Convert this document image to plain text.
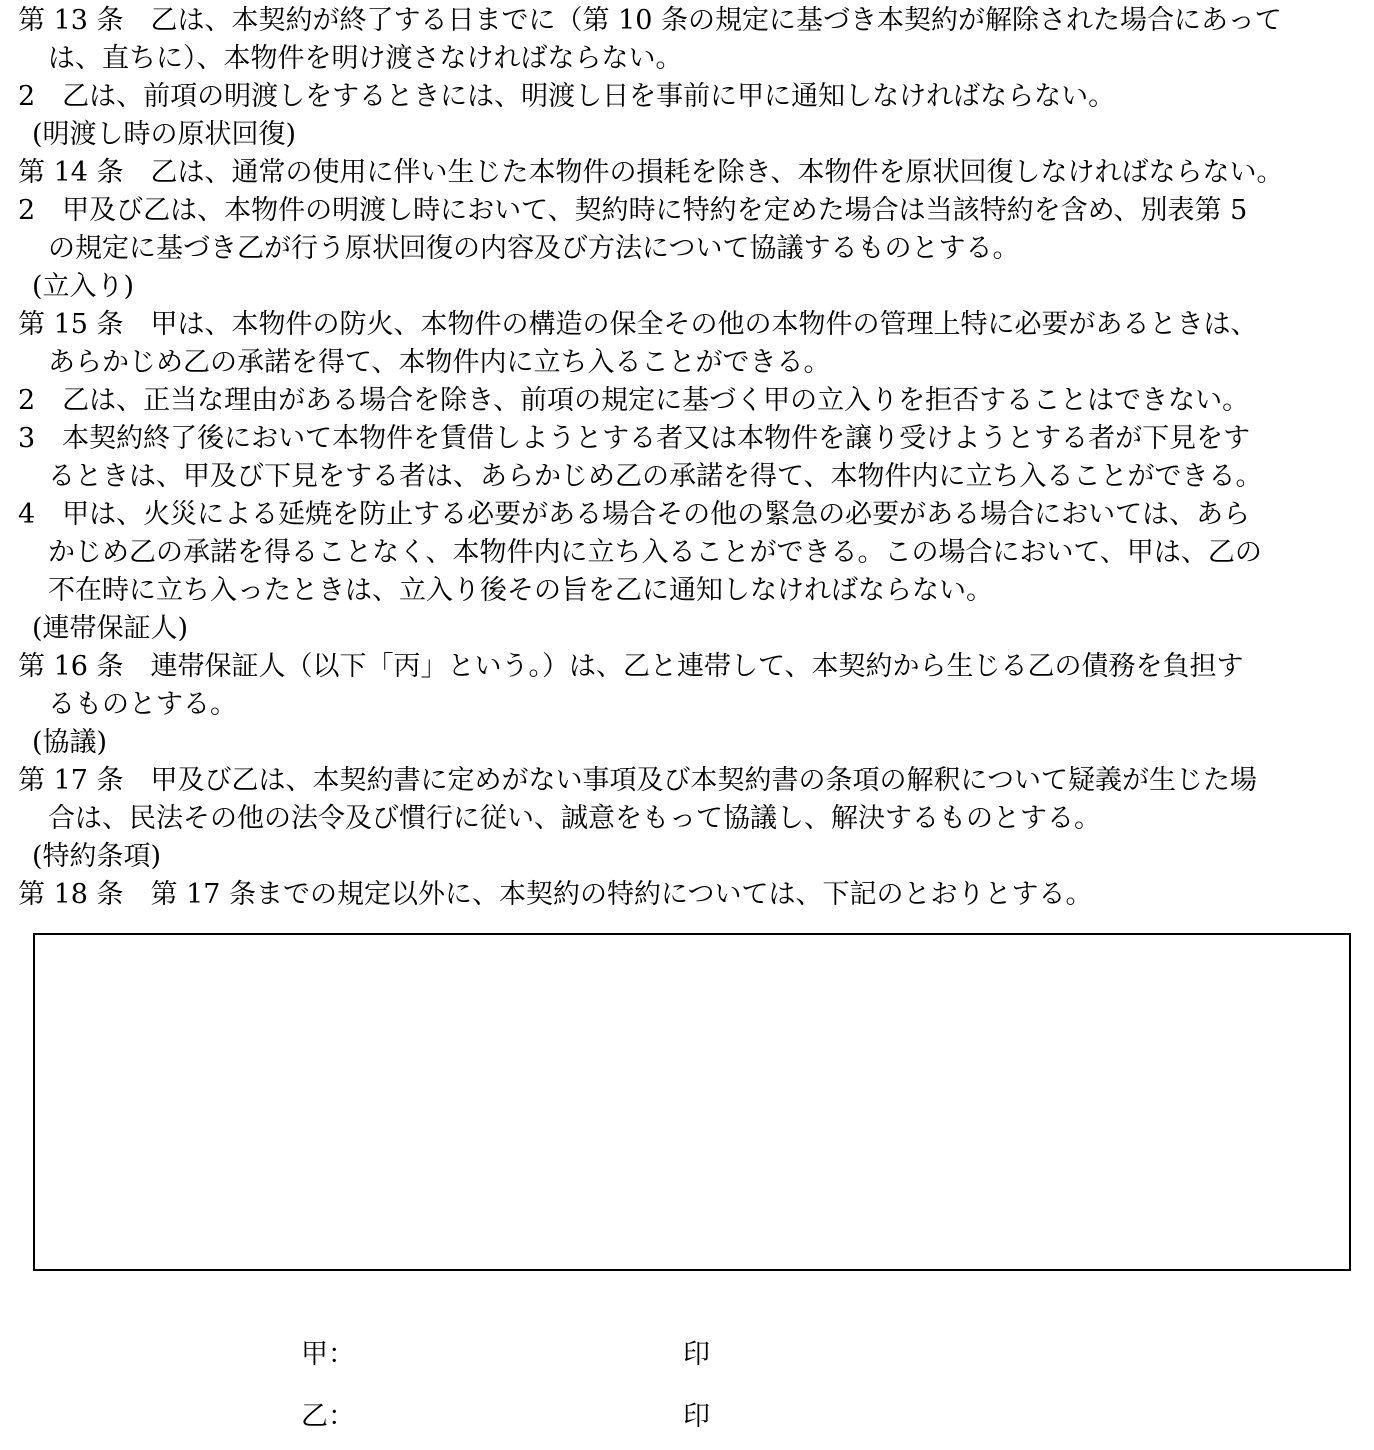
第 13 条　乙は、本契約が終了する日までに（第 10 条の規定に基づき本契約が解除された場合にあって
は、直ちに）、本物件を明け渡さなければならない。
2　乙は、前項の明渡しをするときには、明渡し日を事前に甲に通知しなければならない。
(明渡し時の原状回復)
第 14 条　乙は、通常の使用に伴い生じた本物件の損耗を除き、本物件を原状回復しなければならない。
2　甲及び乙は、本物件の明渡し時において、契約時に特約を定めた場合は当該特約を含め、別表第 5
の規定に基づき乙が行う原状回復の内容及び方法について協議するものとする。
(立入り)
第 15 条　甲は、本物件の防火、本物件の構造の保全その他の本物件の管理上特に必要があるときは、
あらかじめ乙の承諾を得て、本物件内に立ち入ることができる。
2　乙は、正当な理由がある場合を除き、前項の規定に基づく甲の立入りを拒否することはできない。
3　本契約終了後において本物件を賃借しようとする者又は本物件を譲り受けようとする者が下見をす
るときは、甲及び下見をする者は、あらかじめ乙の承諾を得て、本物件内に立ち入ることができる。
4　甲は、火災による延焼を防止する必要がある場合その他の緊急の必要がある場合においては、あら
かじめ乙の承諾を得ることなく、本物件内に立ち入ることができる。この場合において、甲は、乙の
不在時に立ち入ったときは、立入り後その旨を乙に通知しなければならない。
(連帯保証人)
第 16 条　連帯保証人（以下「丙」という。）は、乙と連帯して、本契約から生じる乙の債務を負担す
るものとする。
(協議)
第 17 条　甲及び乙は、本契約書に定めがない事項及び本契約書の条項の解釈について疑義が生じた場
合は、民法その他の法令及び慣行に従い、誠意をもって協議し、解決するものとする。
(特約条項)
第 18 条　第 17 条までの規定以外に、本契約の特約については、下記のとおりとする。
甲：	印
乙：	印
